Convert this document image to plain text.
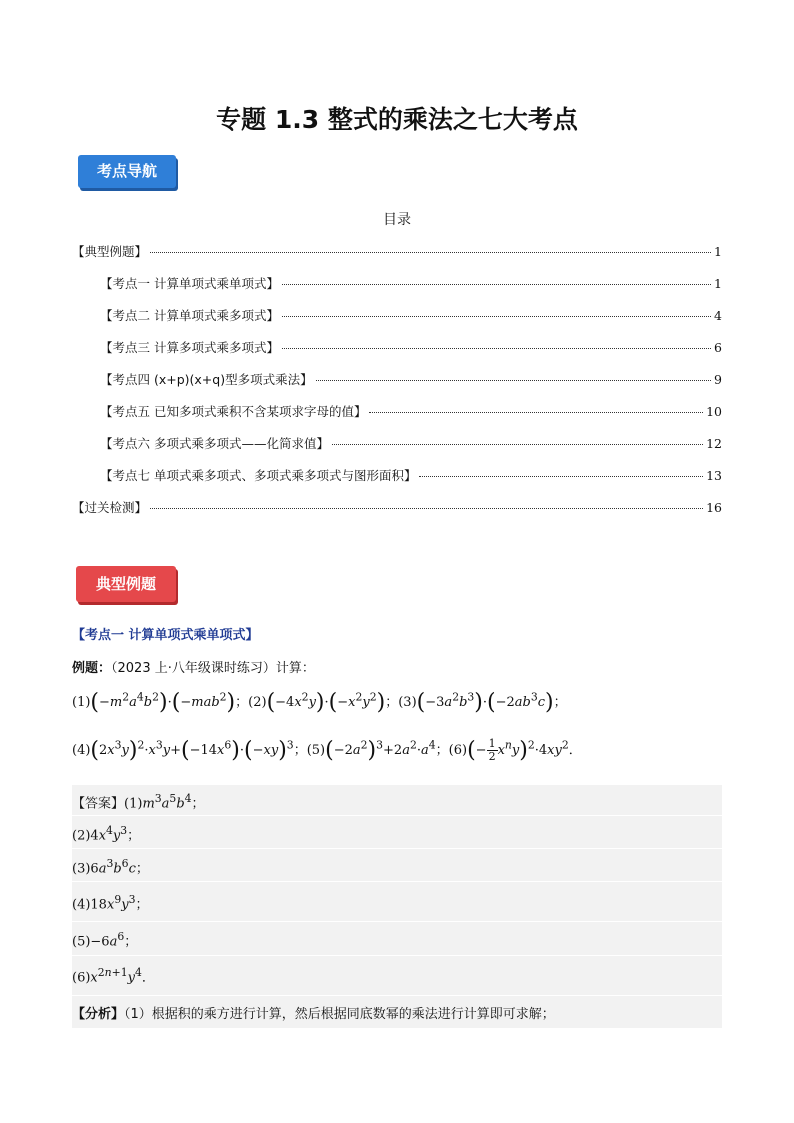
专题 1.3 整式的乘法之七大考点
考点导航
目录
【典型例题】	1
【考点一 计算单项式乘单项式】	1
【考点二 计算单项式乘多项式】	4
【考点三 计算多项式乘多项式】	6
【考点四 (x+p)(x+q)型多项式乘法】	9
【考点五 已知多项式乘积不含某项求字母的值】	10
【考点六 多项式乘多项式——化简求值】	12
【考点七 单项式乘多项式、多项式乘多项式与图形面积】	13
【过关检测】	16
典型例题
【考点一 计算单项式乘单项式】
例题：（2023 上·八年级课时练习）计算：
$(1)(-m^2a^4b^2)\cdot(-mab^2)$；$(2)(-4x^2y)\cdot(-x^2y^2)$；$(3)(-3a^2b^3)\cdot(-2ab^3c)$；
$(4)(2x^3y)^2\cdot x^3y+(-14x^6)\cdot(-xy)^3$；$(5)(-2a^2)^3+2a^2\cdot a^4$；$(6)(- \frac{1}{2} x^ny)^2\cdot 4xy^2$．
【答案】$(1)m^3a^5b^4$；
$(2)4x^4y^3$；
$(3)6a^3b^6c$；
$(4)18x^9y^3$；
$(5)-6a^6$；
$(6)x^{2n+1}y^4$．
【分析】（1）根据积的乘方进行计算，然后根据同底数幂的乘法进行计算即可求解；
